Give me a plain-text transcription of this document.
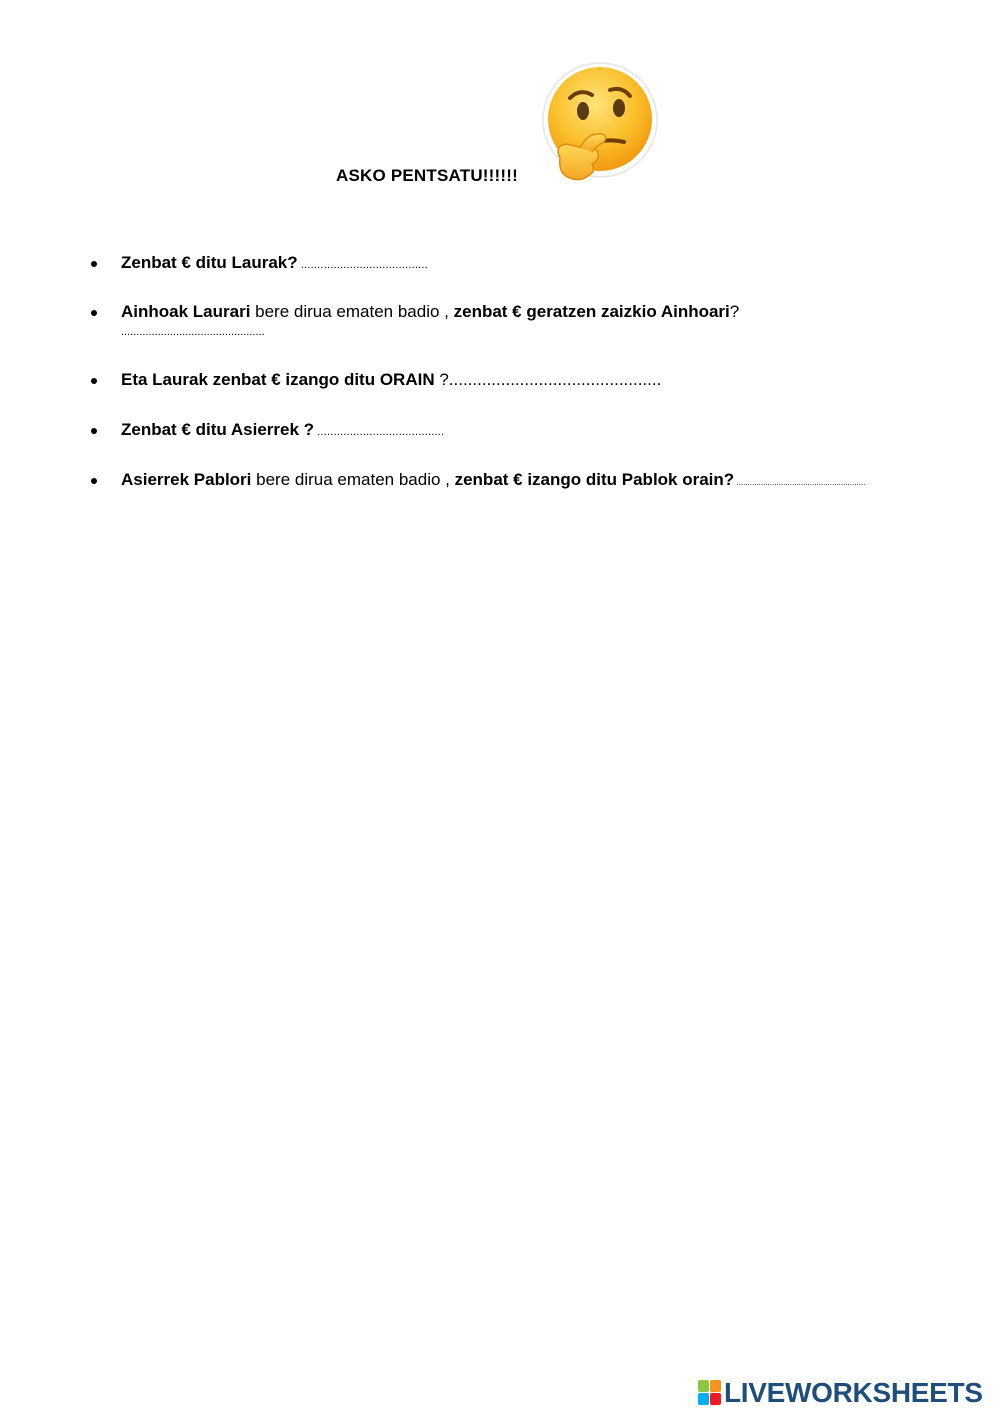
ASKO PENTSATU!!!!!!
Zenbat € ditu Laurak? .......................................
Ainhoak Laurari bere dirua ematen badio , zenbat € geratzen zaizkio Ainhoari?
...............................................
Eta Laurak zenbat € izango ditu ORAIN ?.............................................
Zenbat € ditu Asierrek ? .......................................
Asierrek Pablori bere dirua ematen badio , zenbat € izango ditu Pablok orain? ..........................................................
LIVEWORKSHEETS
